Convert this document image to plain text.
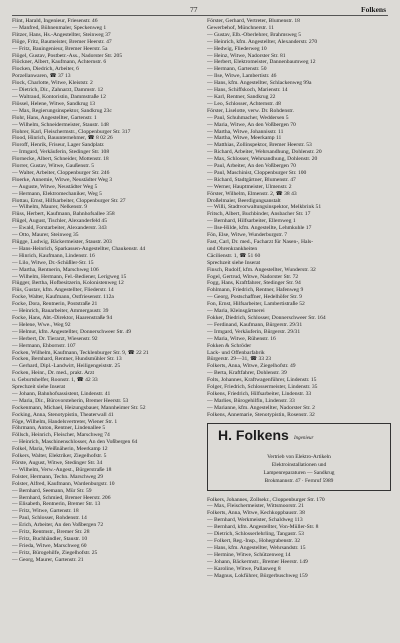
77	Folkens
Flint, Harald, Ingenieur, Friesenstr. 46
— Manfred, Bühnenmaler, Speckenweg 1
Flitzer, Hans, Hs.-Angestellter, Steinweg 37
Flöge, Fritz, Baumeister, Bremer Heerstr. 47
— Fritz, Bauingenieur, Bremer Heerstr. 5a
Flögel, Gustav, Postbetr.-Ass., Nadorster Str. 205
Flöckner, Albert, Kaufmann, Achternstr. 6
Flocken, Diedrich, Arbeiter, 6
Porzellanwaren, ☎ 37 13
Flock, Charlotte, Witwe, Kleiststr. 2
— Dietrich, Dir., Zahnarzt, Dammstr. 12
— Waltraud, Kontoristin, Dammstraße 12
Flössel, Helene, Witwe, Sandkrug 13
— Max, Regierungsinspektor, Sandkrug 23c
Flohr, Hans, Angestellter, Gartenstr. 1
— Wilhelm, Schneidermeister, Staustr. 148
Flohrer, Karl, Fleischermstr., Cloppenburger Str. 317
Flood, Hinrich, Bauunternehmer, ☎ 8 02 26
Floroff, Henrik, Friseur, Lager Sandplatz
— Irmgard, Verkäuferin, Stedinger Str. 108
Flornecke, Albert, Schneider, Mottenstr. 18
Florrer, Gustav, Witwe, Gaußenstr. 5
— Walter, Arbeiter, Cloppenburger Str. 246
Floerke, Annemie, Witwe, Neustädter Weg 3
— Auguste, Witwe, Neustädter Weg 5
— Hermann, Elektromechaniker, Weg 5
Flottau, Ernst, Hilfsarbeiter, Cloppenburger Str. 27
— Wilhelm, Maurer, Nelkenstr. 9
Flüss, Herbert, Kaufmann, Bahnhofsallee 358
Flügel, August, Tischler, Alexanderfeld 45
— Ewald, Forstarbeiter, Alexanderstr. 343
— Otto, Maurer, Steinweg 35
Flügge, Ludwig, Bäckermeister, Staustr. 203
— Hans-Heinrich, Sparkassen-Angestellter, Chaukenstr. 44
— Hinrich, Kaufmann, Lindenstr. 16
— Lilo, Witwe, Dr.-Schüßler-Str. 15
— Martha, Rentnerin, Marschweg 106
— Wilhelm, Hermann, Fel.-Bediener, Lerigweg 15
Flügger, Bertha, Hofbesitzerin, Kolonistenweg 12
Flüs, Gustav, kfm. Angestellter, Fliederstr. 14
Focke, Walter, Kaufmann, Ostfriesenstr. 112a
Focke, Dora, Rentnerin, Poststraße 21
— Heinrich, Bauarbeiter, Ammergaustr. 39
Focke, Hans, Abt.-Direktor, Haarenstraße 94
— Helene, Wwe., Weg 92
— Helmut, kfm. Angestellter, Donnerschweer Str. 49
— Herbert, Dr. Tierarzt, Wiesenstr. 92
— Hermann, Ehbornstr. 107
Focken, Wilhelm, Kaufmann, Tecklenburger Str. 9, ☎ 22 21
Focken, Bernhard, Rentner, Hundsmühler Str. 13
— Gerhard, Dipl.-Landwirt, Heiligengeiststr. 25
Focken, Heinr., Dr. med., prakt. Arzt
u. Geburtshelfer, Roonstr. 1, ☎ 42 33
Sprechzeit siehe Inserat
— Johann, Bahnhofsassistent, Lindenstr. 41
— Maria, Dir., Bürovorsteherin, Bremer Heerstr. 53
Fockenmann, Michael, Heizungsbauer, Mannheimer Str. 52
Focking, Anna, Stenotypistin, Theaterwall 41
Föge, Wilhelm, Handelsvertreter, Wiener Str. 1
Föhrmann, Anton, Rentner, Lindenallee 5
Föllsch, Heinrich, Fleischer, Marschweg 74
— Heinrich, Maschinenschlosser, An den Voßbergen 64
Folkel, Maria, Weißnäherin, Meerkamp 12
Folkers, Walter, Elektriker, Ziegelhofstr. 5
Förste, August, Witwe, Stedinger Str. 34
— Wilhelm, Verw.-Angest., Bürgerstraße 18
Folster, Hermann, Techn. Marschweg 29
Folster, Alfred, Kaufmann, Wardenburgstr. 10
— Bernhard, Seemann, Mür Str. 59
— Bernhard, Schmied, Bremer Heerstr. 206
— Elisabeth, Rentnerin, Bremer Str. 13
— Fritz, Witwe, Gartenstr. 18
— Paul, Schlosser, Rohdenstr. 14
— Erich, Arbeiter, An den Voßbergen 72
— Fritz, Rentmstr., Bremer Str. 28
— Fritz, Buchhändler, Staustr. 10
— Frieda, Witwe, Marschweg 60
— Fritz, Bürogehilfe, Ziegelhofstr. 25
— Georg, Maurer, Gartenstr. 21
Förster, Gerhard, Vertreter, Blumenstr. 18
Gewerbehof, Münchnerstr. 11
— Gustav, Elb.-Oberlehrer, Brahmsweg 5
— Heinrich, kfm. Angestellter, Alexanderstr. 270
— Hedwig, Fliederweg 10
— Heinz, Witwe, Nadorster Str. 81
— Herbert, Elektromeister, Dannenbaumweg 12
— Hermann, Gartenstr. 50
— Ilse, Witwe, Lambertistr. 46
— Hans, kfm. Angestellter, Schlackenweg 99a
— Hans, Schiffskoch, Marienstr. 14
— Karl, Rentner, Sandkrug 22
— Leo, Schlosser, Achternstr. 48
Förster, Liselotte, verw. Dr. Rohdenstr.
— Paul, Schuhmacher, Weddersen 5
— Maria, Witwe, An den Voßbergen 70
— Martha, Witwe, Johannisstr. 11
— Martha, Witwe, Meerkamp 11
— Matthias, Zollinspektor, Bremer Heerstr. 53
— Richard, Arbeiter, Wehrsandhung, Dohlenstr. 20
— Max, Schlosser, Wehrsandhung, Dohlenstr. 20
— Paul, Arbeiter, An den Voßbergen 70
— Paul, Maschinist, Cloppenburger Str. 100
— Richard, Stadtgärtner, Blumenstr. 47
— Werner, Hauptmeister, Ulmenstr. 2
Förster, Wilhelm, Elmenstr. 2, ☎ 38 43
Droßelmaier, Beerdigungsanstalt
— Willi, Stadtvorwaltungsinspektor, Melkbrink 51
Fritsch, Albert, Buchbinder, Ansbacher Str. 17
— Bernhard, Hilfsarbeiter, Ellernweg 1
— Ilse-Hilde, kfm. Angestellte, Lehmkuhle 17
Fön, Else, Witwe, Wunderburgstr. 7
Fast, Carl, Dr. med., Facharzt für Nasen-, Hals-
und Ohrenkrankheiten
Cäcilienstr. 1, ☎ 51 60
Sprechzeit siehe Inserat
Finsch, Rudolf, kfm. Angestellter, Wunderstr. 32
Fogel, Gertrud, Witwe, Nadorster Str. 72
Fogg, Hans, Kraftfahrer, Stedinger Str. 94
Fohlmann, Friedrich, Rentner, Hafenweg 9
— Georg, Postschaffner, Hedelhöfer Str. 9
Fon, Ernst, Hilfsarbeiter, Lambertistraße 52
— Maria, Kleinsgärtnerei
Fokker, Diedrich, Schlosser, Donnerschweer Str. 164
— Ferdinand, Kaufmann, Bürgerstr. 29/31
— Irmgard, Verkäuferin, Bürgerstr. 29/31
— Maria, Witwe, Rühenstr. 16
Fokken & Schröder
Lack- und Offenbarfabrik
Bürgerstr. 29—31, ☎ 33 23
Folkerts, Anna, Witwe, Ziegelhofstr. 49
— Berta, Kraftfahrer, Dohlenstr. 39
Folts, Johannes, Kraftwagenführer, Lindenstr. 15
Folger, Friedrich, Schlossermeister, Lindenstr. 35
Folkens, Friedrich, Hilfsarbeiter, Lindenstr. 33
— Marlies, Bürogehilfin, Lindenstr. 33
— Marianne, kfm. Angestellter, Nadorster Str. 2
Folkens, Annemarie, Stenotypistin, Rosenstr. 32
H. Folkens Ingenieur
Vertrieb von Elektro-Artikeln
Elektroinstallationen und
Lampenreparaturen — Sandkrug
Brokmannstr. 47 · Fernruf 5989
Folkers, Johannes, Zollsekr., Cloppenburger Str. 170
— Max, Fleischermeister, Wittsmoorstr. 21
Folkerts, Anna, Witwe, Kechkoppbaustr. 38
— Bernhard, Werkmeister, Schaldweg 113
— Bernhard, kfm. Angestellter, Von-Müller-Str. 8
— Dietrich, Schlosserlehrling, Tangastr. 53
— Folkert, Reg.-Insp., Hohegrabenstr. 32
— Hans, kfm. Angestellter, Wehrsandstr. 15
— Hermine, Witwe, Schützenweg 14
— Johann, Bäckermstr., Bremer Heerstr. 149
— Karoline, Witwe, Pallasweg 8
— Magnus, Lokführer, Bürgerbuschweg 159
